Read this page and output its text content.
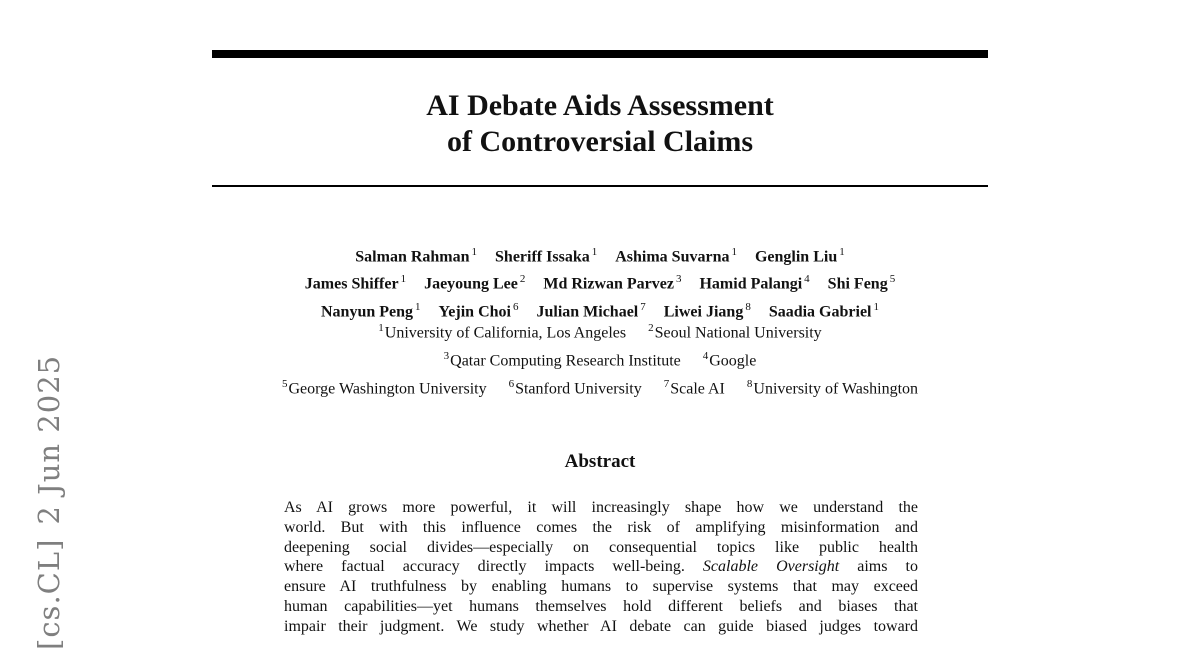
AI Debate Aids Assessment
of Controversial Claims
Salman Rahman $^1$ Sheriff Issaka $^1$ Ashima Suvarna $^1$ Genglin Liu $^1$
James Shiffer $^1$ Jaeyoung Lee $^2$ Md Rizwan Parvez $^3$ Hamid Palangi $^4$ Shi Feng $^5$
Nanyun Peng $^1$ Yejin Choi $^6$ Julian Michael $^7$ Liwei Jiang $^8$ Saadia Gabriel $^1$
$^1$University of California, Los Angeles $^2$Seoul National University
$^3$Qatar Computing Research Institute $^4$Google
$^5$George Washington University $^6$Stanford University $^7$Scale AI $^8$University of Washington
Abstract
As AI grows more powerful, it will increasingly shape how we understand the
world. But with this influence comes the risk of amplifying misinformation and
deepening social divides—especially on consequential topics like public health
where factual accuracy directly impacts well-being. Scalable Oversight aims to
ensure AI truthfulness by enabling humans to supervise systems that may exceed
human capabilities—yet humans themselves hold different beliefs and biases that
impair their judgment. We study whether AI debate can guide biased judges toward
[cs.CL]2 Jun 2025
